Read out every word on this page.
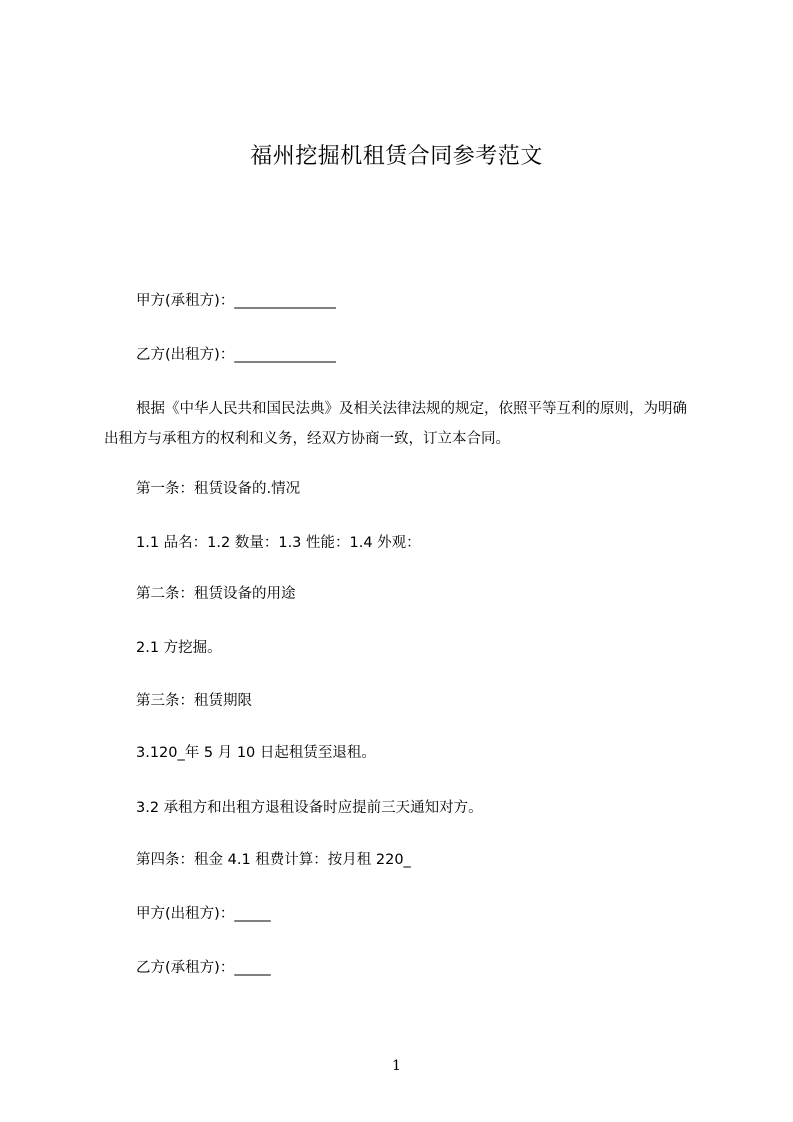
福州挖掘机租赁合同参考范文
甲方(承租方)：______________
乙方(出租方)：______________
根据《中华人民共和国民法典》及相关法律法规的规定，依照平等互利的原则，为明确出租方与承租方的权利和义务，经双方协商一致，订立本合同。
第一条：租赁设备的.情况
1.1 品名：1.2 数量：1.3 性能：1.4 外观：
第二条：租赁设备的用途
2.1 方挖掘。
第三条：租赁期限
3.120_年 5 月 10 日起租赁至退租。
3.2 承租方和出租方退租设备时应提前三天通知对方。
第四条：租金 4.1 租费计算：按月租 220_
甲方(出租方)：_____
乙方(承租方)：_____
1
